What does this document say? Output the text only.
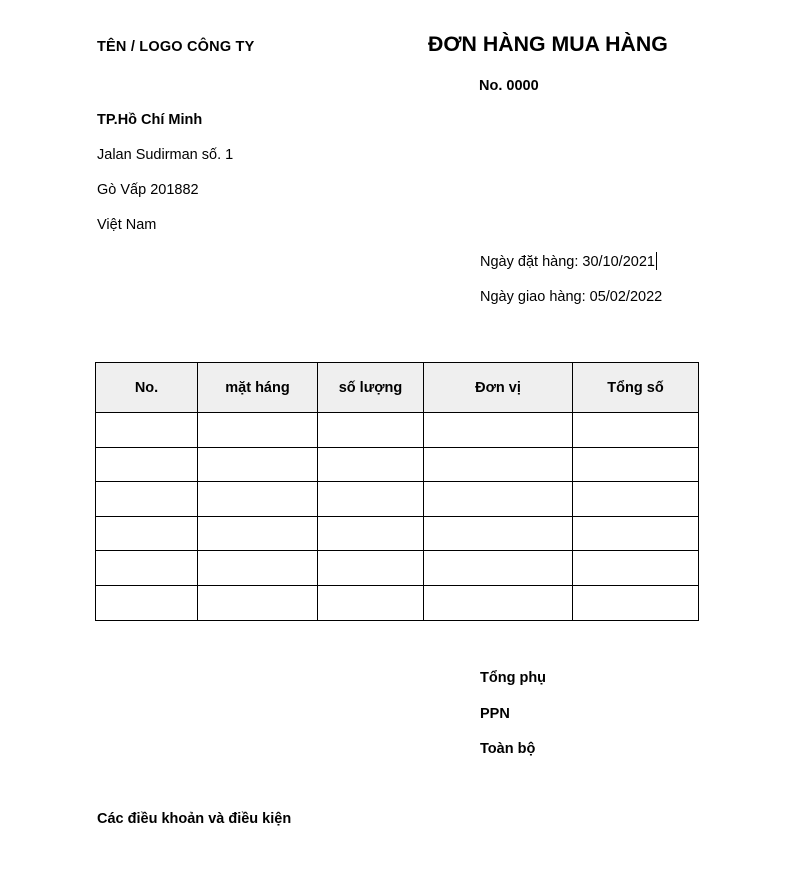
TÊN / LOGO CÔNG TY	ĐƠN HÀNG MUA HÀNG
No. 0000
TP.Hồ Chí Minh
Jalan Sudirman số. 1
Gò Vấp 201882
Việt Nam
Ngày đặt hàng: 30/10/2021
Ngày giao hàng: 05/02/2022
No.	mặt háng	số lượng	Đơn vị	Tổng số

Tổng phụ
PPN
Toàn bộ
Các điều khoản và điều kiện
